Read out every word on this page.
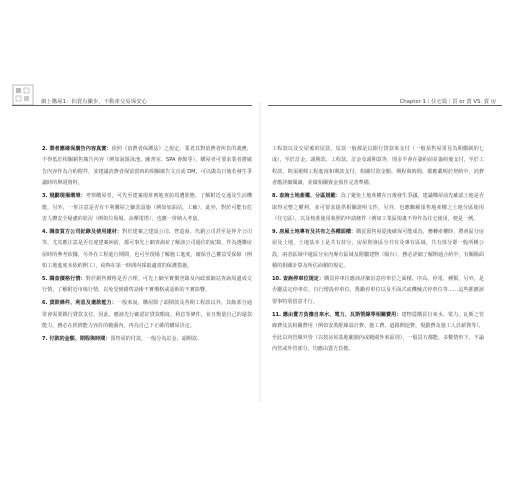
網上購屋1：拍賣有撇步，不動產交易保安心	Chapter 1｜住宅篇｜買 or 賣 VS. 賣 房

2. 業者應確保廣告內容真實：依照《消費者保護法》之規定，業者其對消費者所負的義務，不得低於相關銷售廣告內容（例如說游泳池、圖書室、SPA 會館等），購屋者可要求業者將廣告內容作為合約附件，並建議消費者保留當時的相關廣告文宣或 DM，可以做為日後若發生爭議時的舉證資料。

3. 規劃現場環境：考察購屋者，可先至建案現址實地查訪周遭狀態，了解附近交通及生活機能，另外，一併注意是否有不利購屋之嫌惡設施（例如加油站、工廠），此外，對於可能有危害人體安全疑慮的狀況（例如垃圾場、高壓電塔），也應一併納入考量。

4. 調查買方公司紀錄及使用建材：對於建案之建設公司、營造商、代銷公司甚至是仲介公司等，尤其應注意是否有違建案糾紛，都可事先上網查詢並了解該公司過往的紀錄，作為選購房屋時的參考依據，另外在工程進行期間，也可至現場了解施工進度，確保自己權益受保障（例如工地進度未依約開工），給夠在第一時間內採取適當的保護措施。

5. 調查價格行情：對於銷售價格是否合理，可先上網至實價登錄及內政部網站查詢周邊成交行情，了解附近市場行情，以免受到銷售話術不實價格或話術的不實影響。

6. 貸款條件、利息及還款能力：一般來說，購屋除了頭期款及各期工程款以外，其餘部分通常會需要銀行貸款支付，因此，應該先行確認好貸款額度、利息等條件，並且衡量自己的還款能力，務必在經濟能力容許的範圍內，再為自己下正確的購屋決定。

7. 付款的金額、期程與時間：預售屋的付款，一般分為訂金、頭期款、

工程款以及交屋後的尾款，尾款一般都是以銀行貸款來支付（一般預售屋常見為期繳制的七成），至於訂金、頭期款、工程款，訂金及頭期款等，則多半會在簽約前並簽約後支付，至於工程款，則須視興工程進度和期款支付，相關付款金額、期程與時間，都應載明於契約中，消費者應詳細閱讀，並做相關資金預作完善準備。

8. 查詢土地產權、分區規範：為了避免土地產權在日後發生爭議，建議購屋前先確認土地是否取得完整之權利，並可要求提供相關證明文件，另外，也應瞭解預售地產權之土地分區使用（住宅區），以及核准使用執照的申請條件（例如工業區規畫不得作為住宅使用，便是一例。

9. 房屋土地專有及共有之各種面積：購買預售屋從後確保可能成為，務轉產權時，將會區分房屋及土地，土地基本上是共有持分，房屋則會區分共有及專有區域，共有部分即一般所稱公設，兩者區域中還區分室內專有區域及附屬建物（陽台），務必詳細了解開通合約中，有關陽面積的相關計算及所佔面積的規定。

10. 查詢停車位規定：購買停車位應該詳細註意停車位之面積、序高、停電、種類，另外，是否屬法定停車位，自行增設停車位、獎勵停車位以及平面式或機械式停車位等……這些都應該要事特別留意才行。

11. 應由賣方負擔自來水、電力、瓦斯管線等相關費用：建物從購買自來水、電力、瓦斯之管線費及其相關費用（例如安裝配線設計費、施工費、道路開挖費、規劃費及施工人員薪資等），至此以內管線外皆（以按房屋基地範圍內或範圍外來區別），一般買方都能，多數情形下，不論內管或外管部分，均應由賣方負擔。
